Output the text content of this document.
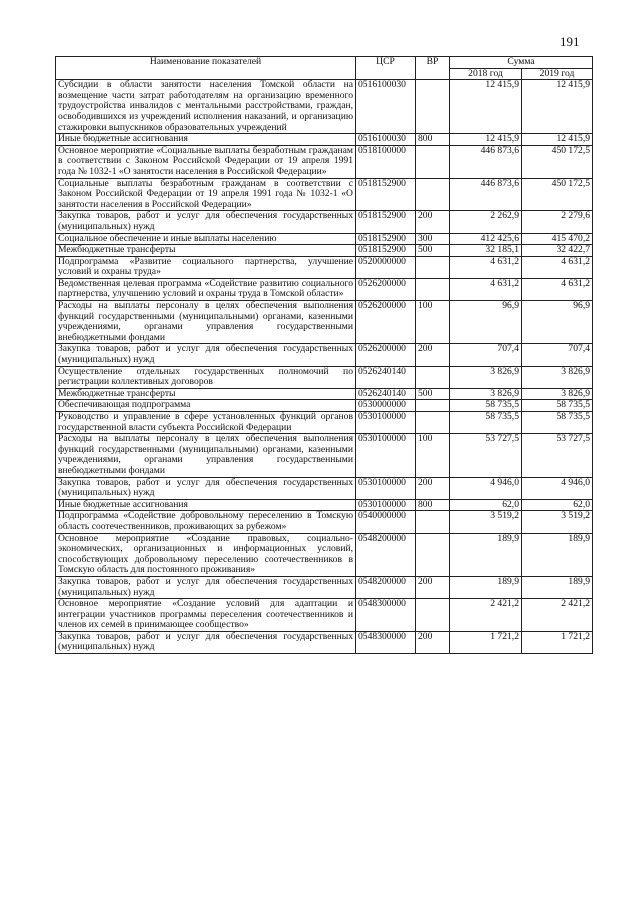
191
Наименование показателей	ЦСР	ВР	Сумма	
			2018 год	2019 год
Субсидии в области занятости населения Томской области на возмещение части затрат работодателям на организацию временного трудоустройства инвалидов с ментальными расстройствами, граждан, освободившихся из учреждений исполнения наказаний, и организацию стажировки выпускников образовательных учреждений	0516100030		12 415,9	12 415,9
Иные бюджетные ассигнования	0516100030	800	12 415,9	12 415,9
Основное мероприятие «Социальные выплаты безработным гражданам в соответствии с Законом Российской Федерации от 19 апреля 1991 года № 1032-1 «О занятости населения в Российской Федерации»	0518100000		446 873,6	450 172,5
Социальные выплаты безработным гражданам в соответствии с Законом Российской Федерации от 19 апреля 1991 года № 1032-1 «О занятости населения в Российской Федерации»	0518152900		446 873,6	450 172,5
Закупка товаров, работ и услуг для обеспечения государственных (муниципальных) нужд	0518152900	200	2 262,9	2 279,6
Социальное обеспечение и иные выплаты населению	0518152900	300	412 425,6	415 470,2
Межбюджетные трансферты	0518152900	500	32 185,1	32 422,7
Подпрограмма «Развитие социального партнерства, улучшение условий и охраны труда»	0520000000		4 631,2	4 631,2
Ведомственная целевая программа «Содействие развитию социального партнерства, улучшению условий и охраны труда в Томской области»	0526200000		4 631,2	4 631,2
Расходы на выплаты персоналу в целях обеспечения выполнения функций государственными (муниципальными) органами, казенными учреждениями, органами управления государственными внебюджетными фондами	0526200000	100	96,9	96,9
Закупка товаров, работ и услуг для обеспечения государственных (муниципальных) нужд	0526200000	200	707,4	707,4
Осуществление отдельных государственных полномочий по регистрации коллективных договоров	0526240140		3 826,9	3 826,9
Межбюджетные трансферты	0526240140	500	3 826,9	3 826,9
Обеспечивающая подпрограмма	0530000000		58 735,5	58 735,5
Руководство и управление в сфере установленных функций органов государственной власти субъекта Российской Федерации	0530100000		58 735,5	58 735,5
Расходы на выплаты персоналу в целях обеспечения выполнения функций государственными (муниципальными) органами, казенными учреждениями, органами управления государственными внебюджетными фондами	0530100000	100	53 727,5	53 727,5
Закупка товаров, работ и услуг для обеспечения государственных (муниципальных) нужд	0530100000	200	4 946,0	4 946,0
Иные бюджетные ассигнования	0530100000	800	62,0	62,0
Подпрограмма «Содействие добровольному переселению в Томскую область соотечественников, проживающих за рубежом»	0540000000		3 519,2	3 519,2
Основное мероприятие «Создание правовых, социально-экономических, организационных и информационных условий, способствующих добровольному переселению соотечественников в Томскую область для постоянного проживания»	0548200000		189,9	189,9
Закупка товаров, работ и услуг для обеспечения государственных (муниципальных) нужд	0548200000	200	189,9	189,9
Основное мероприятие «Создание условий для адаптации и интеграции участников программы переселения соотечественников и членов их семей в принимающее сообщество»	0548300000		2 421,2	2 421,2
Закупка товаров, работ и услуг для обеспечения государственных (муниципальных) нужд	0548300000	200	1 721,2	1 721,2
